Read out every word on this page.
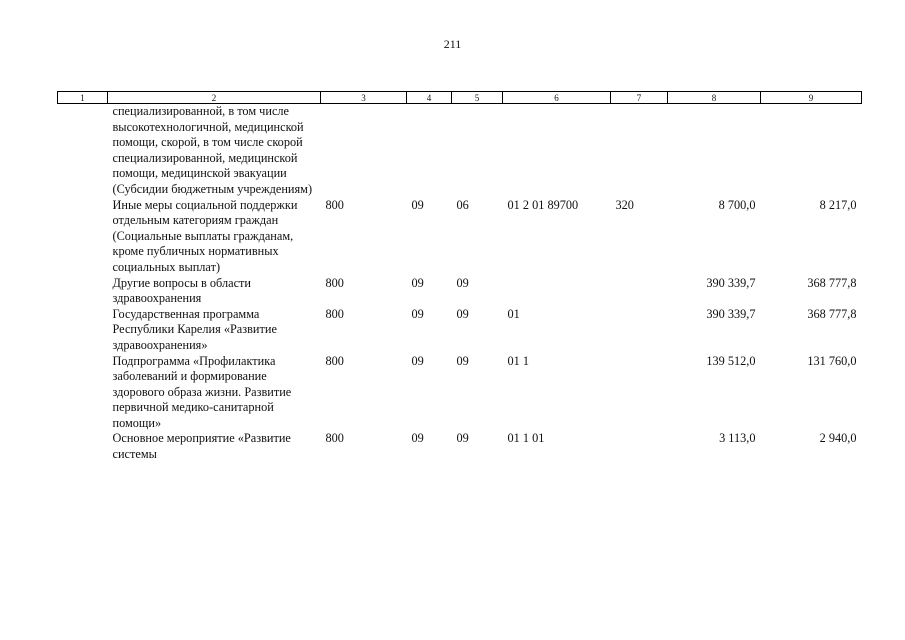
211
1	2	3	4	5	6	7	8	9
	специализированной, в том числе высокотехнологичной, медицинской помощи, скорой, в том числе скорой специализированной, медицинской помощи, медицинской эвакуации (Субсидии бюджетным учреждениям)							
	Иные меры социальной поддержки отдельным категориям граждан (Социальные выплаты гражданам, кроме публичных нормативных социальных выплат)	800	09	06	01 2 01 89700	320	8 700,0	8 217,0
	Другие вопросы в области здравоохранения	800	09	09			390 339,7	368 777,8
	Государственная программа Республики Карелия «Развитие здравоохранения»	800	09	09	01		390 339,7	368 777,8
	Подпрограмма «Профилактика заболеваний и формирование здорового образа жизни. Развитие первичной медико-санитарной помощи»	800	09	09	01 1		139 512,0	131 760,0
	Основное мероприятие «Развитие системы	800	09	09	01 1 01		3 113,0	2 940,0
